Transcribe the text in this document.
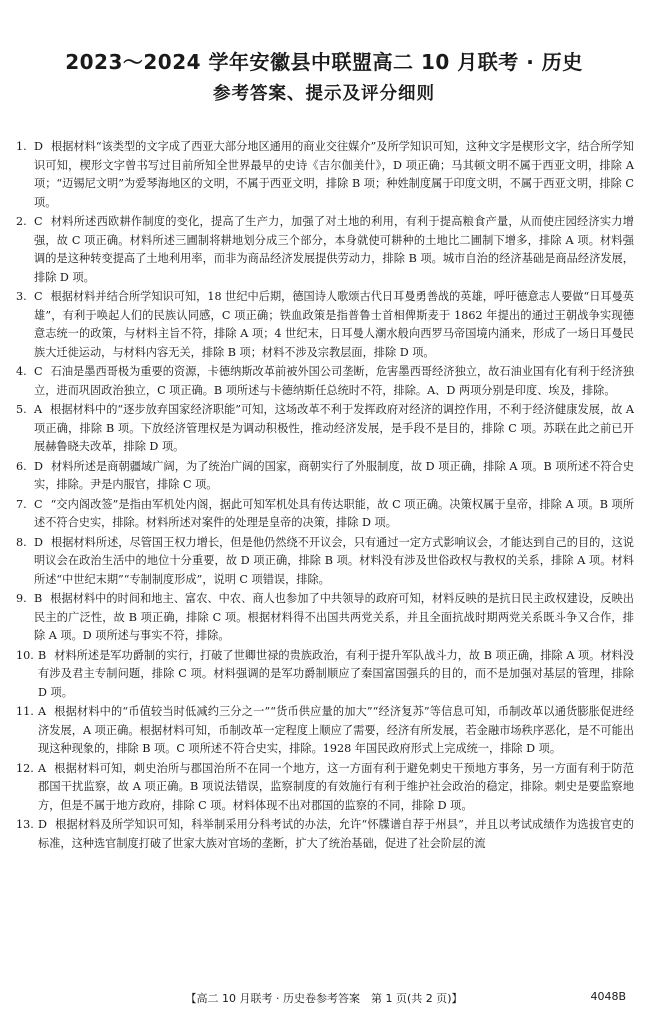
2023～2024 学年安徽县中联盟高二 10 月联考 · 历史
参考答案、提示及评分细则

1. D 根据材料“该类型的文字成了西亚大部分地区通用的商业交往媒介”及所学知识可知，这种文字是楔形文字，结合所学知识可知，楔形文字曾书写过目前所知全世界最早的史诗《吉尔伽美什》，D 项正确；马其顿文明不属于西亚文明，排除 A 项；“迈锡尼文明”为爱琴海地区的文明，不属于西亚文明，排除 B 项；种姓制度属于印度文明，不属于西亚文明，排除 C 项。

2. C 材料所述西欧耕作制度的变化，提高了生产力，加强了对土地的利用，有利于提高粮食产量，从而使庄园经济实力增强，故 C 项正确。材料所述三圃制将耕地划分成三个部分，本身就使可耕种的土地比二圃制下增多，排除 A 项。材料强调的是这种转变提高了土地利用率，而非为商品经济发展提供劳动力，排除 B 项。城市自治的经济基础是商品经济发展，排除 D 项。

3. C 根据材料并结合所学知识可知，18 世纪中后期，德国诗人歌颂古代日耳曼勇善战的英雄，呼吁德意志人要做“日耳曼英雄”，有利于唤起人们的民族认同感，C 项正确；铁血政策是指普鲁士首相俾斯麦于 1862 年提出的通过王朝战争实现德意志统一的政策，与材料主旨不符，排除 A 项；4 世纪末，日耳曼人潮水般向西罗马帝国境内涌来，形成了一场日耳曼民族大迁徙运动，与材料内容无关，排除 B 项；材料不涉及宗教层面，排除 D 项。

4. C 石油是墨西哥极为重要的资源，卡德纳斯改革前被外国公司垄断，危害墨西哥经济独立，故石油业国有化有利于经济独立，进而巩固政治独立，C 项正确。B 项所述与卡德纳斯任总统时不符，排除。A、D 两项分别是印度、埃及，排除。

5. A 根据材料中的“逐步放弃国家经济职能”可知，这场改革不利于发挥政府对经济的调控作用，不利于经济健康发展，故 A 项正确，排除 B 项。下放经济管理权是为调动积极性，推动经济发展，是手段不是目的，排除 C 项。苏联在此之前已开展赫鲁晓夫改革，排除 D 项。

6. D 材料所述是商朝疆域广阔，为了统治广阔的国家，商朝实行了外服制度，故 D 项正确，排除 A 项。B 项所述不符合史实，排除。尹是内服官，排除 C 项。

7. C “交内阁改签”是指由军机处内阁，据此可知军机处具有传达职能，故 C 项正确。决策权属于皇帝，排除 A 项。B 项所述不符合史实，排除。材料所述对案件的处理是皇帝的决策，排除 D 项。

8. D 根据材料所述，尽管国王权力增长，但是他仍然绕不开议会，只有通过一定方式影响议会，才能达到自己的目的，这说明议会在政治生活中的地位十分重要，故 D 项正确，排除 B 项。材料没有涉及世俗政权与教权的关系，排除 A 项。材料所述“中世纪末期”“专制制度形成”，说明 C 项错误，排除。

9. B 根据材料中的时间和地主、富农、中农、商人也参加了中共领导的政府可知，材料反映的是抗日民主政权建设，反映出民主的广泛性，故 B 项正确，排除 C 项。根据材料得不出国共两党关系，并且全面抗战时期两党关系既斗争又合作，排除 A 项。D 项所述与事实不符，排除。

10. B 材料所述是军功爵制的实行，打破了世卿世禄的贵族政治，有利于提升军队战斗力，故 B 项正确，排除 A 项。材料没有涉及君主专制问题，排除 C 项。材料强调的是军功爵制顺应了秦国富国强兵的目的，而不是加强对基层的管理，排除 D 项。

11. A 根据材料中的“币值较当时低减约三分之一”“货币供应量的加大”“经济复苏”等信息可知，币制改革以通货膨胀促进经济发展，A 项正确。根据材料可知，币制改革一定程度上顺应了需要，经济有所发展，若金融市场秩序恶化，是不可能出现这种现象的，排除 B 项。C 项所述不符合史实，排除。1928 年国民政府形式上完成统一，排除 D 项。

12. A 根据材料可知，刺史治所与郡国治所不在同一个地方，这一方面有利于避免刺史干预地方事务，另一方面有利于防范郡国干扰监察，故 A 项正确。B 项说法错误，监察制度的有效施行有利于维护社会政治的稳定，排除。刺史是要监察地方，但是不属于地方政府，排除 C 项。材料体现不出对郡国的监察的不同，排除 D 项。

13. D 根据材料及所学知识可知，科举制采用分科考试的办法，允许“怀牒谱自荐于州县”，并且以考试成绩作为选拔官吏的标准，这种选官制度打破了世家大族对官场的垄断，扩大了统治基础，促进了社会阶层的流

【高二 10 月联考 · 历史卷参考答案　第 1 页(共 2 页)】	4048B
